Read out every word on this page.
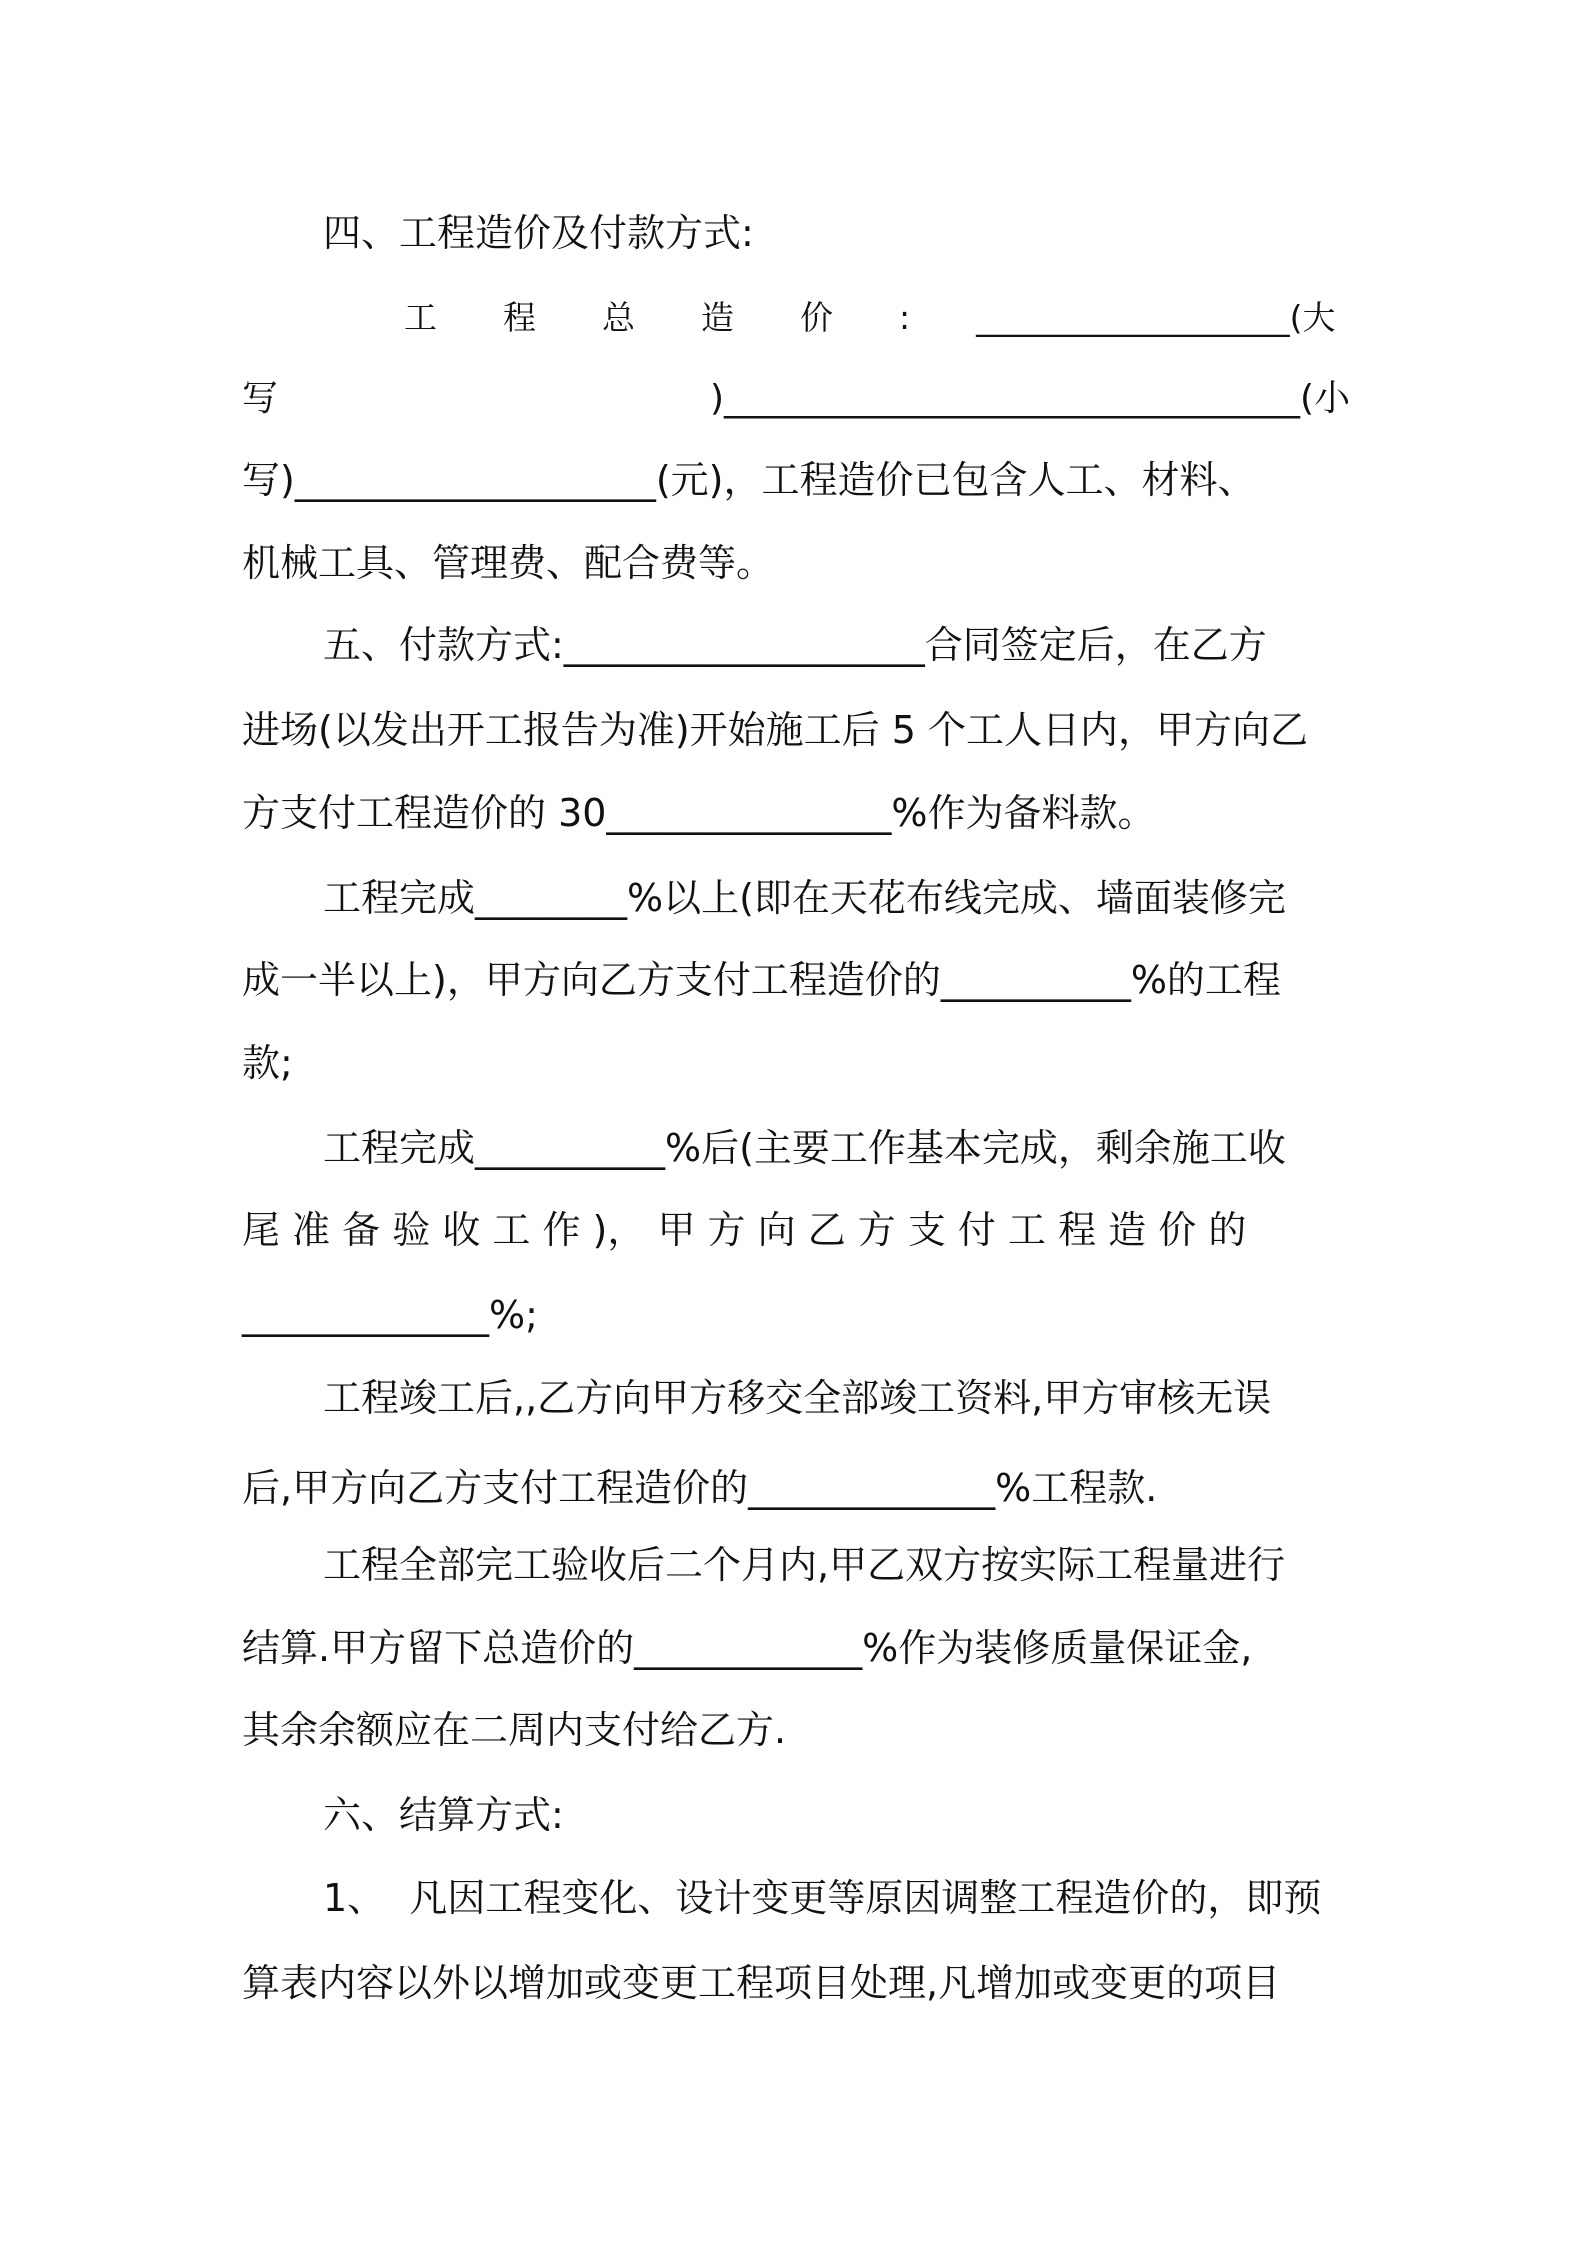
四、工程造价及付款方式:
工　　程　　总　　造　　价　　:　　___________________(大
写　　　　　　　　　　　　)________________________________(小
写)___________________(元)，工程造价已包含人工、材料、
机械工具、管理费、配合费等。
五、付款方式:___________________合同签定后，在乙方
进场(以发出开工报告为准)开始施工后 5 个工人日内，甲方向乙
方支付工程造价的 30_______________%作为备料款。
工程完成________%以上(即在天花布线完成、墙面装修完
成一半以上)，甲方向乙方支付工程造价的__________%的工程
款;
工程完成__________%后(主要工作基本完成，剩余施工收
尾 准 备 验 收 工 作 )， 甲 方 向 乙 方 支 付 工 程 造 价 的
_____________%;
工程竣工后,,乙方向甲方移交全部竣工资料,甲方审核无误
后,甲方向乙方支付工程造价的_____________%工程款.
工程全部完工验收后二个月内,甲乙双方按实际工程量进行
结算.甲方留下总造价的____________%作为装修质量保证金,
其余余额应在二周内支付给乙方.
六、结算方式:
1、  凡因工程变化、设计变更等原因调整工程造价的，即预
算表内容以外以增加或变更工程项目处理,凡增加或变更的项目
